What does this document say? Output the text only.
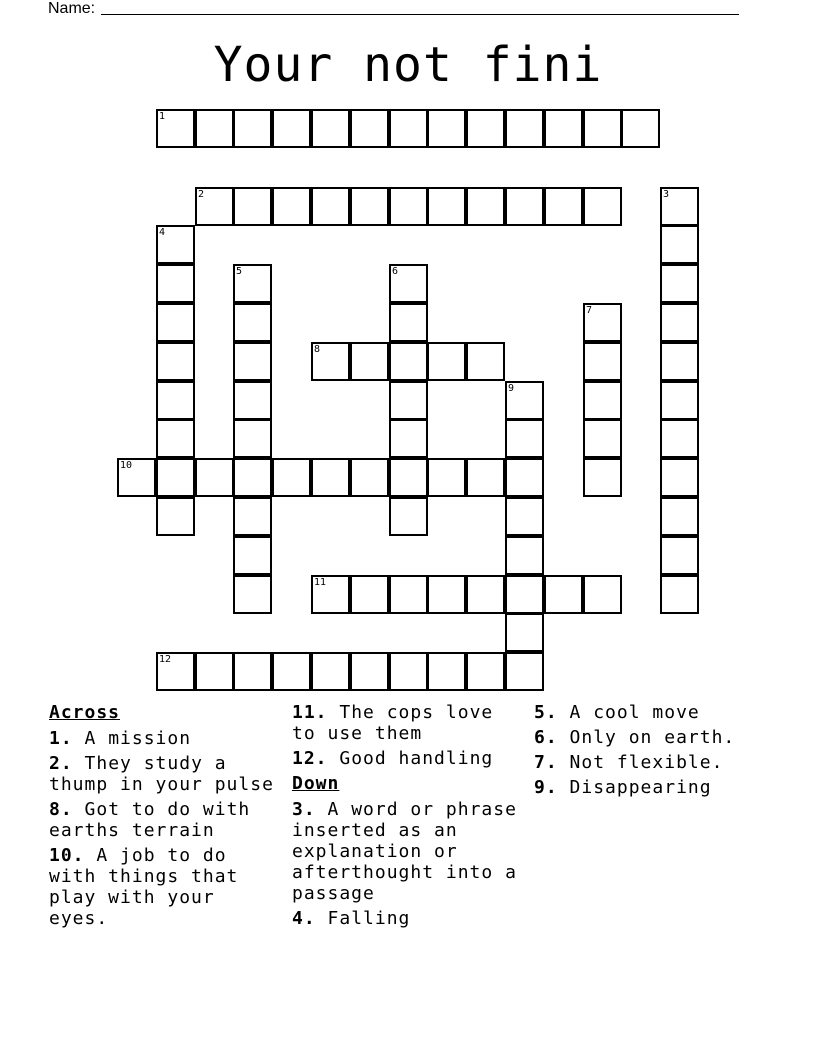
Name:
Your not fini
1
2
8
10
11
12
3
4
5	6
7
9
Across
1. A mission
2. They study a thump in your pulse
8. Got to do with earths terrain
10. A job to do with things that play with your eyes.
11. The cops love to use them
12. Good handling
Down
3. A word or phrase inserted as an explanation or afterthought into a passage
4. Falling
5. A cool move
6. Only on earth.
7. Not flexible.
9. Disappearing
